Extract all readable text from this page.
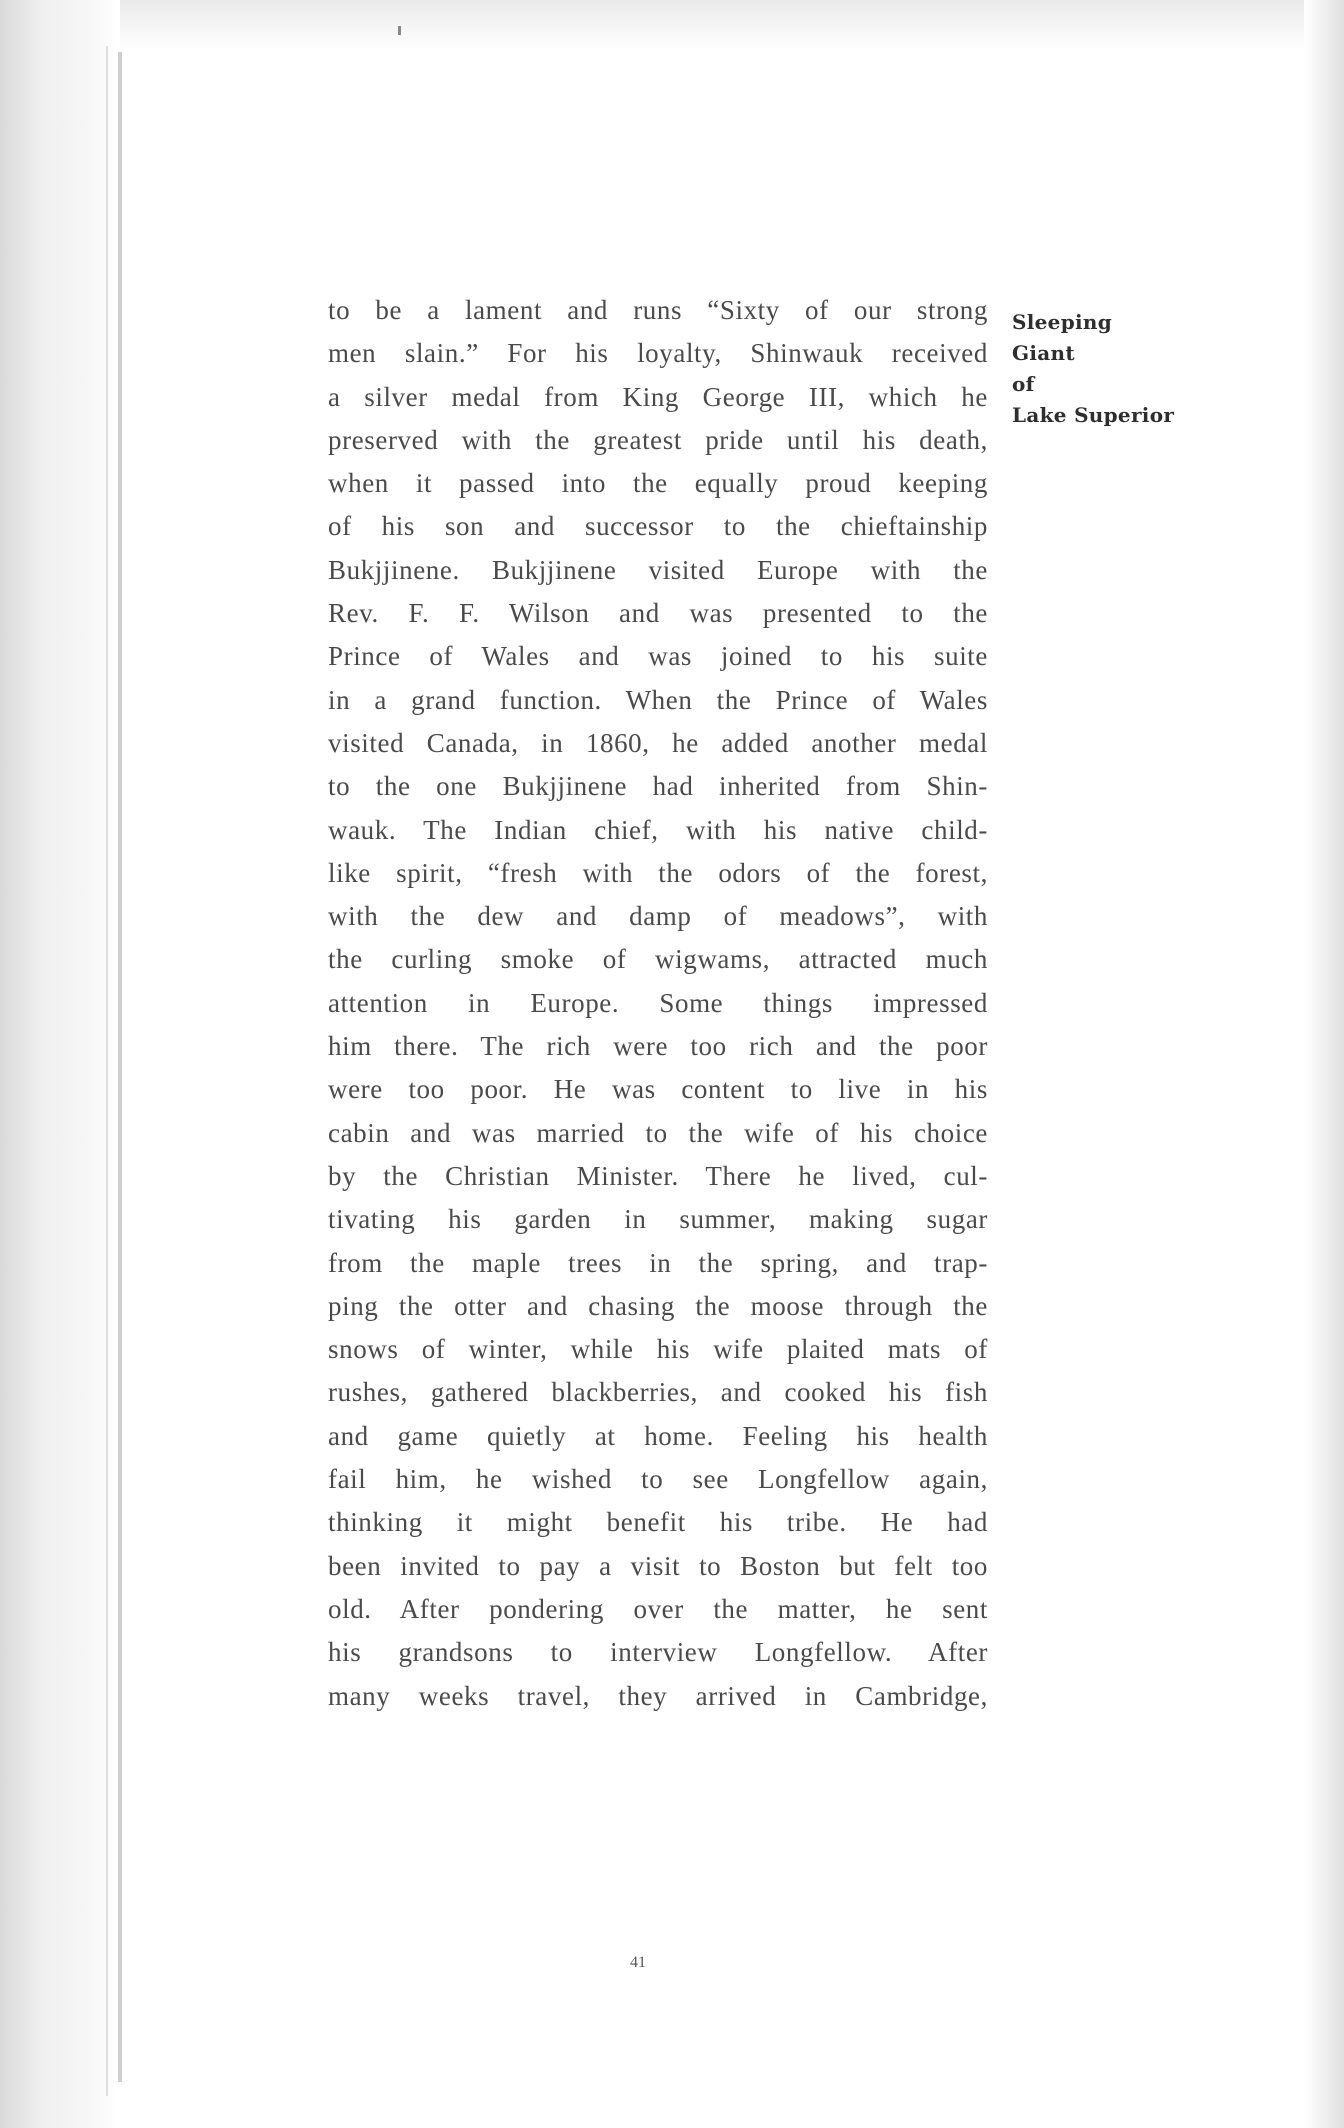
to be a lament and runs “Sixty of our strong
men slain.” For his loyalty, Shinwauk received
a silver medal from King George III, which he
preserved with the greatest pride until his death,
when it passed into the equally proud keeping
of his son and successor to the chieftainship
Bukjjinene. Bukjjinene visited Europe with the
Rev. F. F. Wilson and was presented to the
Prince of Wales and was joined to his suite
in a grand function. When the Prince of Wales
visited Canada, in 1860, he added another medal
to the one Bukjjinene had inherited from Shin-
wauk. The Indian chief, with his native child-
like spirit, “fresh with the odors of the forest,
with the dew and damp of meadows”, with
the curling smoke of wigwams, attracted much
attention in Europe. Some things impressed
him there. The rich were too rich and the poor
were too poor. He was content to live in his
cabin and was married to the wife of his choice
by the Christian Minister. There he lived, cul-
tivating his garden in summer, making sugar
from the maple trees in the spring, and trap-
ping the otter and chasing the moose through the
snows of winter, while his wife plaited mats of
rushes, gathered blackberries, and cooked his fish
and game quietly at home. Feeling his health
fail him, he wished to see Longfellow again,
thinking it might benefit his tribe. He had
been invited to pay a visit to Boston but felt too
old. After pondering over the matter, he sent
his grandsons to interview Longfellow. After
many weeks travel, they arrived in Cambridge,
Sleeping
Giant
of
Lake Superior
41
